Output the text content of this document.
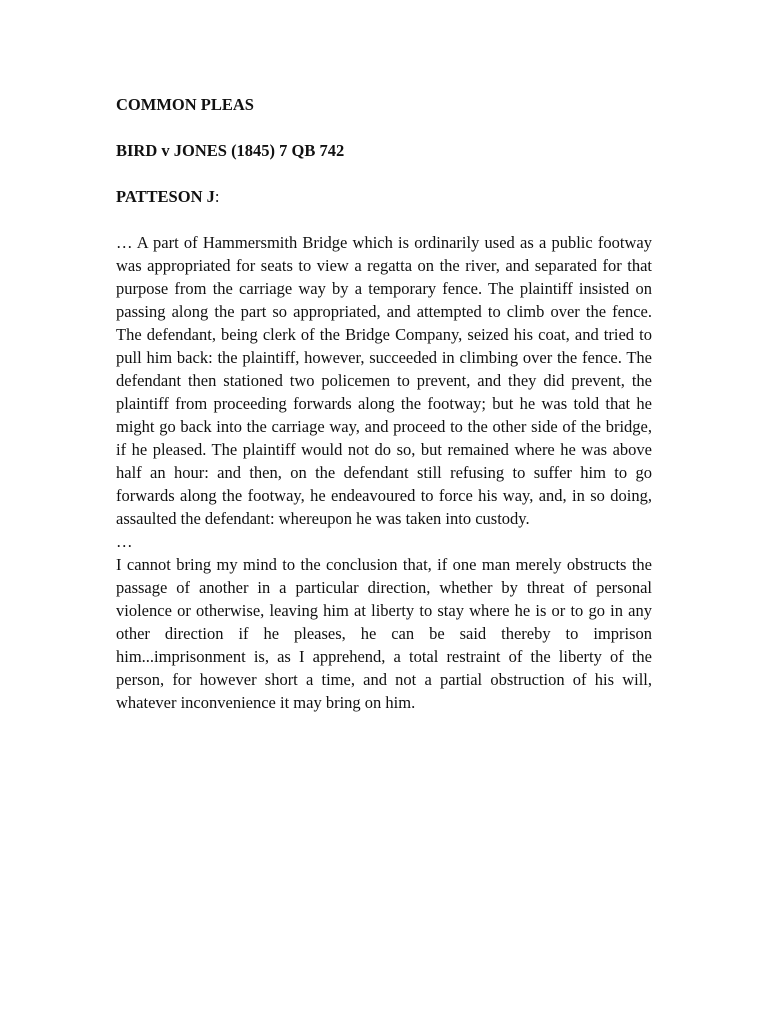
COMMON PLEAS

BIRD v JONES (1845) 7 QB 742

PATTESON J:

… A part of Hammersmith Bridge which is ordinarily used as a public footway was appropriated for seats to view a regatta on the river, and separated for that purpose from the carriage way by a temporary fence. The plaintiff insisted on passing along the part so appropriated, and attempted to climb over the fence. The defendant, being clerk of the Bridge Company, seized his coat, and tried to pull him back: the plaintiff, however, succeeded in climbing over the fence. The defendant then stationed two policemen to prevent, and they did prevent, the plaintiff from proceeding forwards along the footway; but he was told that he might go back into the carriage way, and proceed to the other side of the bridge, if he pleased. The plaintiff would not do so, but remained where he was above half an hour: and then, on the defendant still refusing to suffer him to go forwards along the footway, he endeavoured to force his way, and, in so doing, assaulted the defendant: whereupon he was taken into custody.

…

I cannot bring my mind to the conclusion that, if one man merely obstructs the passage of another in a particular direction, whether by threat of personal violence or otherwise, leaving him at liberty to stay where he is or to go in any other direction if he pleases, he can be said thereby to imprison him...imprisonment is, as I apprehend, a total restraint of the liberty of the person, for however short a time, and not a partial obstruction of his will, whatever inconvenience it may bring on him.
